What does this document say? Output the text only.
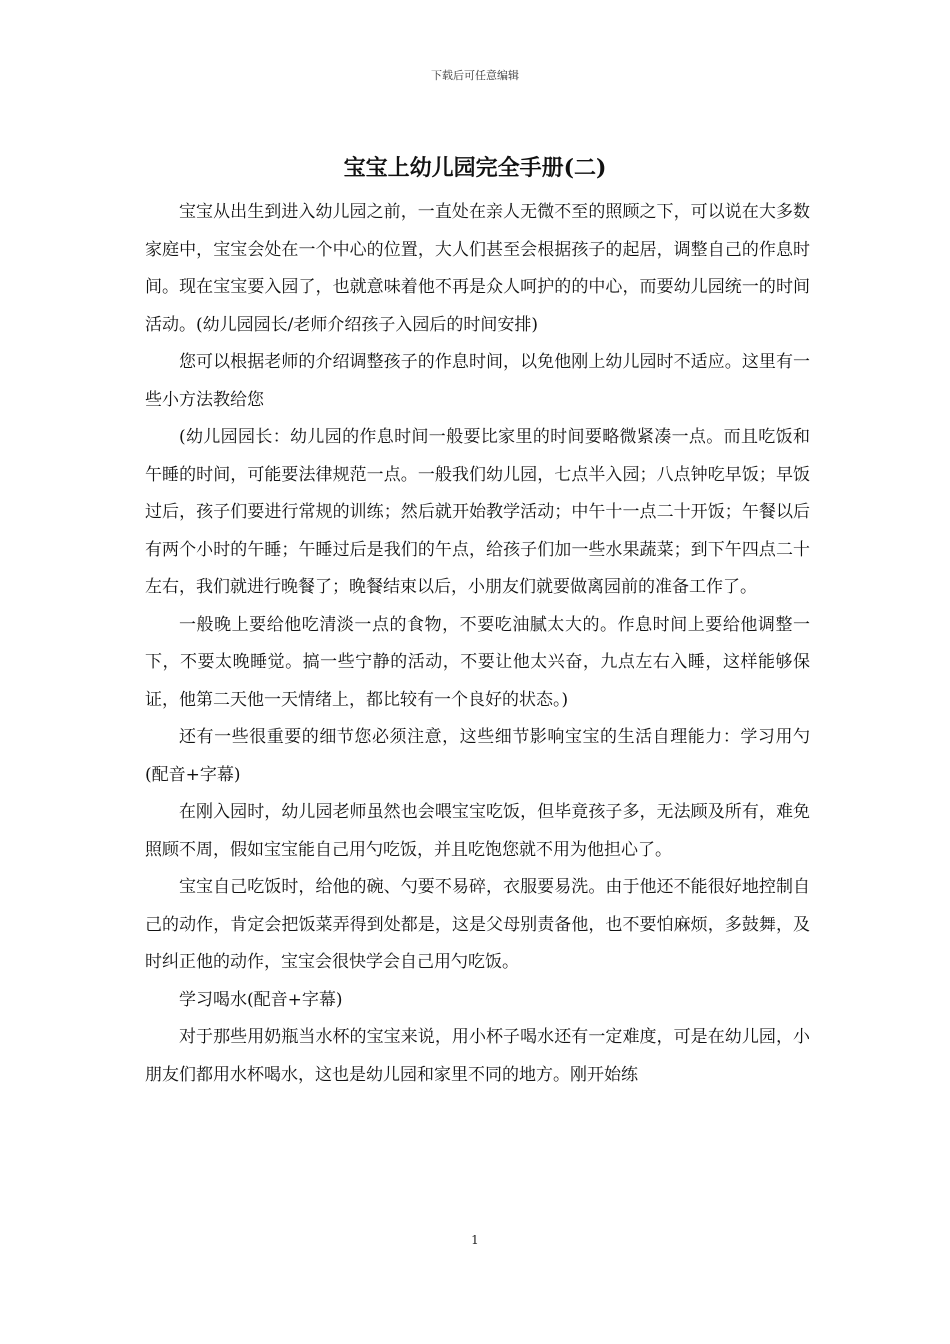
下载后可任意编辑
宝宝上幼儿园完全手册(二)

宝宝从出生到进入幼儿园之前，一直处在亲人无微不至的照顾之下，可以说在大多数家庭中，宝宝会处在一个中心的位置，大人们甚至会根据孩子的起居，调整自己的作息时间。现在宝宝要入园了，也就意味着他不再是众人呵护的的中心，而要幼儿园统一的时间活动。(幼儿园园长/老师介绍孩子入园后的时间安排)

您可以根据老师的介绍调整孩子的作息时间，以免他刚上幼儿园时不适应。这里有一些小方法教给您

(幼儿园园长：幼儿园的作息时间一般要比家里的时间要略微紧凑一点。而且吃饭和午睡的时间，可能要法律规范一点。一般我们幼儿园，七点半入园；八点钟吃早饭；早饭过后，孩子们要进行常规的训练；然后就开始教学活动；中午十一点二十开饭；午餐以后有两个小时的午睡；午睡过后是我们的午点，给孩子们加一些水果蔬菜；到下午四点二十左右，我们就进行晚餐了；晚餐结束以后，小朋友们就要做离园前的准备工作了。

一般晚上要给他吃清淡一点的食物，不要吃油腻太大的。作息时间上要给他调整一下，不要太晚睡觉。搞一些宁静的活动，不要让他太兴奋，九点左右入睡，这样能够保证，他第二天他一天情绪上，都比较有一个良好的状态。)

还有一些很重要的细节您必须注意，这些细节影响宝宝的生活自理能力：学习用勺(配音+字幕)

在刚入园时，幼儿园老师虽然也会喂宝宝吃饭，但毕竟孩子多，无法顾及所有，难免照顾不周，假如宝宝能自己用勺吃饭，并且吃饱您就不用为他担心了。

宝宝自己吃饭时，给他的碗、勺要不易碎，衣服要易洗。由于他还不能很好地控制自己的动作，肯定会把饭菜弄得到处都是，这是父母别责备他，也不要怕麻烦，多鼓舞，及时纠正他的动作，宝宝会很快学会自己用勺吃饭。

学习喝水(配音+字幕)

对于那些用奶瓶当水杯的宝宝来说，用小杯子喝水还有一定难度，可是在幼儿园，小朋友们都用水杯喝水，这也是幼儿园和家里不同的地方。刚开始练

1
